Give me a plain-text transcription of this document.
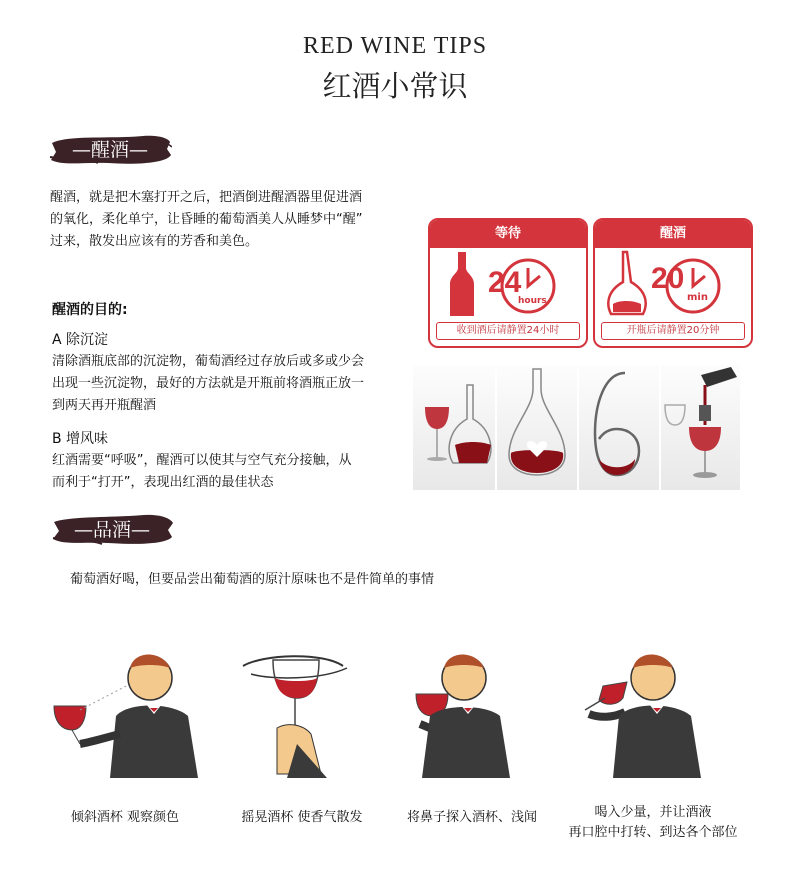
RED WINE TIPS
红酒小常识
—醒酒—
醒酒，就是把木塞打开之后，把酒倒进醒酒器里促进酒
的氧化，柔化单宁，让昏睡的葡萄酒美人从睡梦中“醒”
过来，散发出应该有的芳香和美色。
醒酒的目的:
A 除沉淀
清除酒瓶底部的沉淀物，葡萄酒经过存放后或多或少会
出现一些沉淀物，最好的方法就是开瓶前将酒瓶正放一
到两天再开瓶醒酒
B 增风味
红酒需要“呼吸”，醒酒可以使其与空气充分接触，从
而利于“打开”，表现出红酒的最佳状态
等待
24
hours
收到酒后请静置24小时
醒酒
20
min
开瓶后请静置20分钟
—品酒—
葡萄酒好喝，但要品尝出葡萄酒的原汁原味也不是件简单的事情
倾斜酒杯 观察颜色	摇晃酒杯 使香气散发	将鼻子探入酒杯、浅闻	喝入少量，并让酒液
再口腔中打转、到达各个部位
